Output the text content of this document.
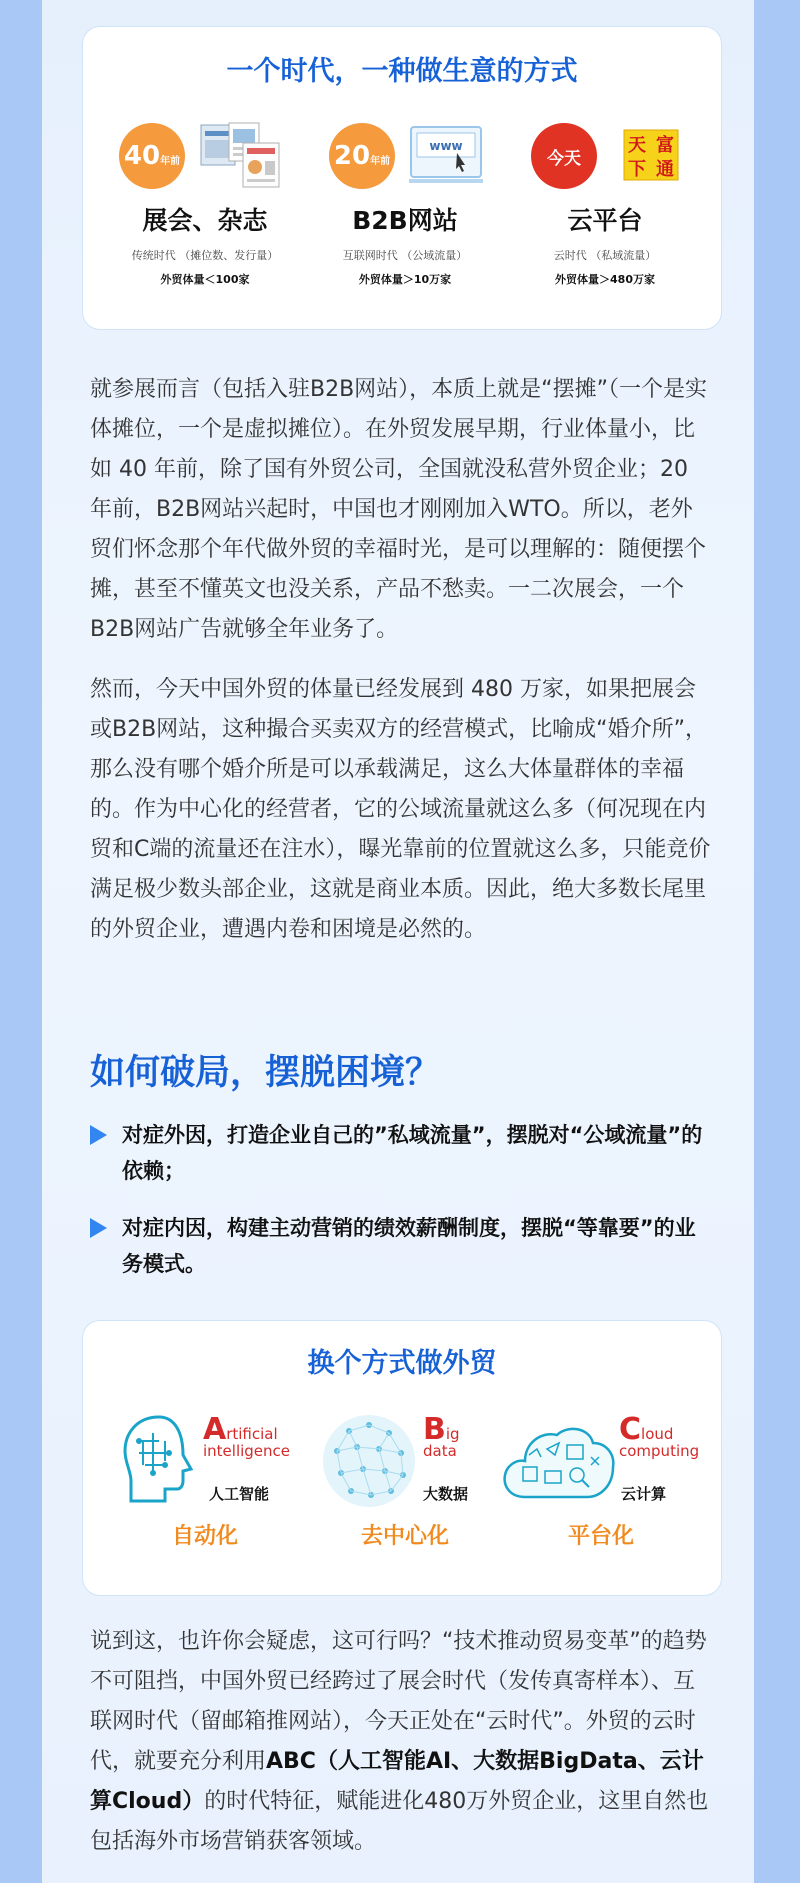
一个时代，一种做生意的方式
40 年前
展会、杂志
传统时代 （摊位数、发行量）
外贸体量＜100家
20 年前
www
B2B网站
互联网时代 （公域流量）
外贸体量＞10万家
今天
天 富
下 通
云平台
云时代 （私域流量）
外贸体量＞480万家

就参展而言（包括入驻B2B网站），本质上就是“摆摊”（一个是实体摊位，一个是虚拟摊位）。在外贸发展早期，行业体量小，比如 40 年前，除了国有外贸公司，全国就没私营外贸企业；20 年前，B2B网站兴起时，中国也才刚刚加入WTO。所以，老外贸们怀念那个年代做外贸的幸福时光，是可以理解的：随便摆个摊，甚至不懂英文也没关系，产品不愁卖。一二次展会，一个B2B网站广告就够全年业务了。

然而，今天中国外贸的体量已经发展到 480 万家，如果把展会或B2B网站，这种撮合买卖双方的经营模式，比喻成“婚介所”，那么没有哪个婚介所是可以承载满足，这么大体量群体的幸福的。作为中心化的经营者，它的公域流量就这么多（何况现在内贸和C端的流量还在注水），曝光靠前的位置就这么多，只能竞价满足极少数头部企业，这就是商业本质。因此，绝大多数长尾里的外贸企业，遭遇内卷和困境是必然的。

如何破局，摆脱困境？
对症外因，打造企业自己的”私域流量”，摆脱对“公域流量”的依赖；
对症内因，构建主动营销的绩效薪酬制度，摆脱“等靠要”的业务模式。
换个方式做外贸
Artificial
intelligence
人工智能
自动化
Big
data
大数据
去中心化
Cloud
computing
云计算
平台化

说到这，也许你会疑虑，这可行吗？“技术推动贸易变革”的趋势不可阻挡，中国外贸已经跨过了展会时代（发传真寄样本）、互联网时代（留邮箱推网站），今天正处在“云时代”。外贸的云时代，就要充分利用ABC（人工智能AI、大数据BigData、云计算Cloud）的时代特征，赋能进化480万外贸企业，这里自然也包括海外市场营销获客领域。
